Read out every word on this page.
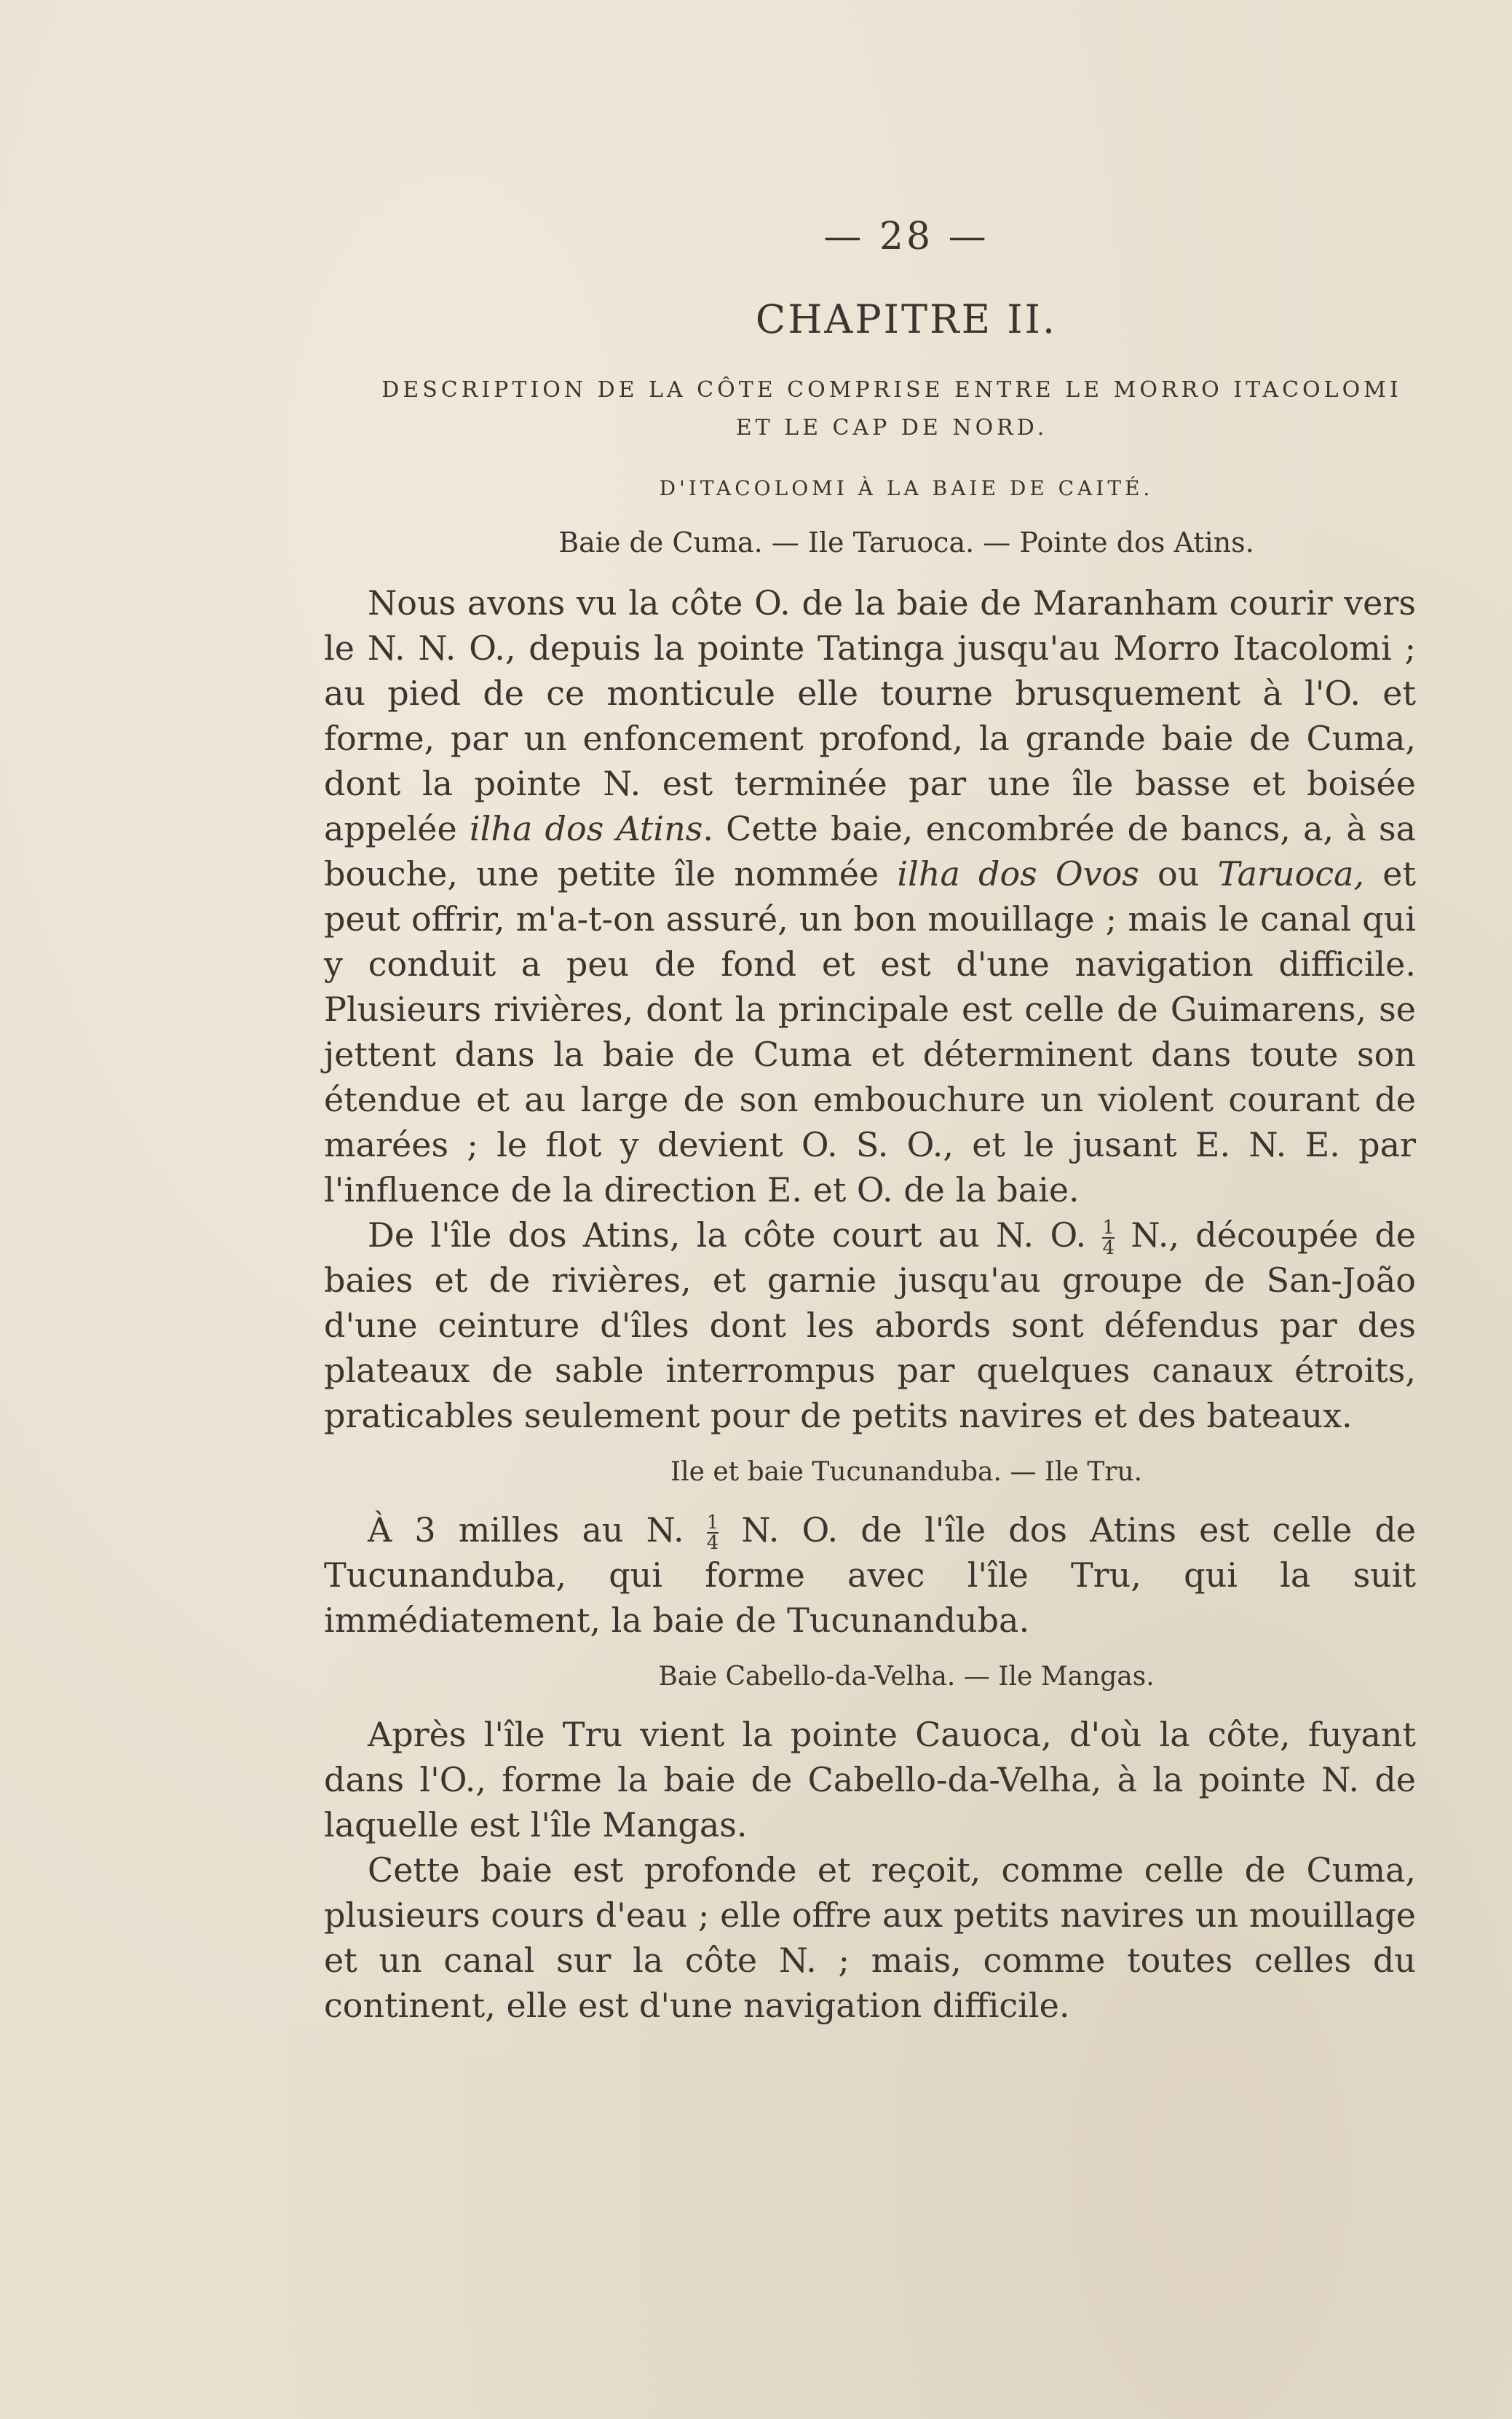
— 28 —
CHAPITRE II.
DESCRIPTION DE LA CÔTE COMPRISE ENTRE LE MORRO ITACOLOMI ET LE CAP DE NORD.
D'ITACOLOMI À LA BAIE DE CAITÉ.
Baie de Cuma. — Ile Taruoca. — Pointe dos Atins.

Nous avons vu la côte O. de la baie de Maranham courir vers le N. N. O., depuis la pointe Tatinga jusqu'au Morro Itacolomi ; au pied de ce monticule elle tourne brusquement à l'O. et forme, par un enfoncement profond, la grande baie de Cuma, dont la pointe N. est terminée par une île basse et boisée appelée ilha dos Atins. Cette baie, encombrée de bancs, a, à sa bouche, une petite île nommée ilha dos Ovos ou Taruoca, et peut offrir, m'a-t-on assuré, un bon mouillage ; mais le canal qui y conduit a peu de fond et est d'une navigation difficile. Plusieurs rivières, dont la principale est celle de Guimarens, se jettent dans la baie de Cuma et déterminent dans toute son étendue et au large de son embouchure un violent courant de marées ; le flot y devient O. S. O., et le jusant E. N. E. par l'influence de la direction E. et O. de la baie.

De l'île dos Atins, la côte court au N. O. $\frac{1}{4} N$., découpée de baies et de rivières, et garnie jusqu'au groupe de San-João d'une ceinture d'îles dont les abords sont défendus par des plateaux de sable interrompus par quelques canaux étroits, praticables seulement pour de petits navires et des bateaux.

Ile et baie Tucunanduba. — Ile Tru.

À 3 milles au N. $\frac{1}{4} N$. O. de l'île dos Atins est celle de Tucunanduba, qui forme avec l'île Tru, qui la suit immédiatement, la baie de Tucunanduba.

Baie Cabello-da-Velha. — Ile Mangas.

Après l'île Tru vient la pointe Cauoca, d'où la côte, fuyant dans l'O., forme la baie de Cabello-da-Velha, à la pointe N. de laquelle est l'île Mangas.

Cette baie est profonde et reçoit, comme celle de Cuma, plusieurs cours d'eau ; elle offre aux petits navires un mouillage et un canal sur la côte N. ; mais, comme toutes celles du continent, elle est d'une navigation difficile.
